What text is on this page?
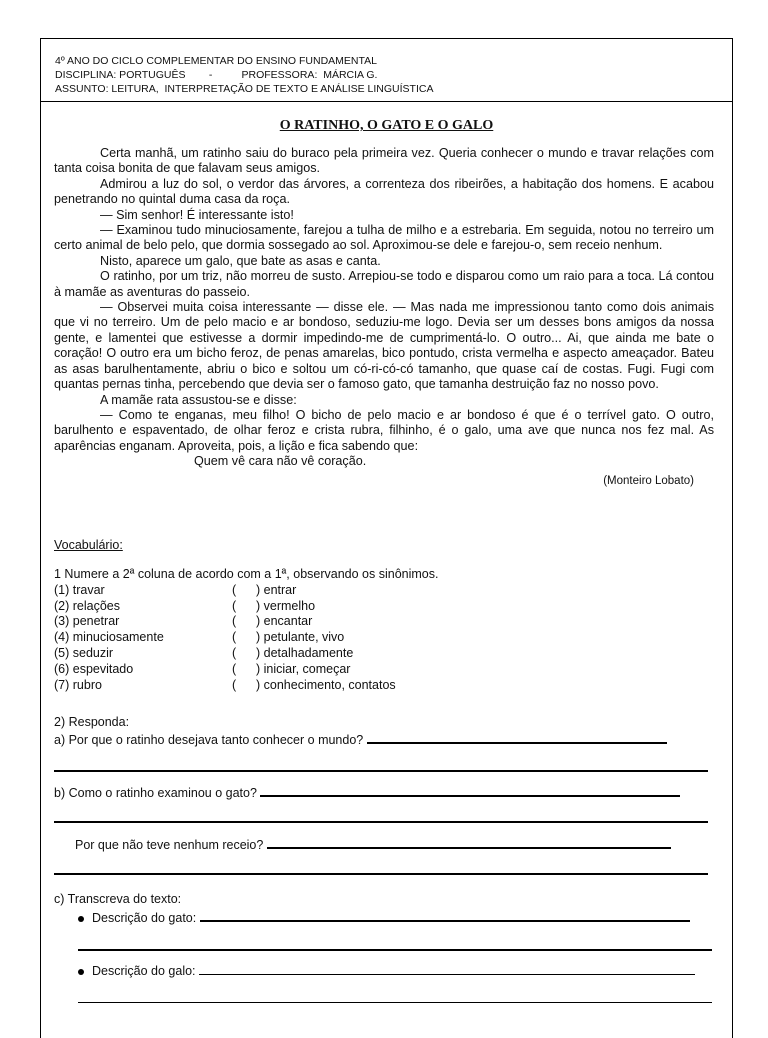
4º ANO DO CICLO COMPLEMENTAR DO ENSINO FUNDAMENTAL
DISCIPLINA: PORTUGUÊS        -          PROFESSORA:  MÁRCIA G.
ASSUNTO: LEITURA,  INTERPRETAÇÃO DE TEXTO E ANÁLISE LINGUÍSTICA
O RATINHO, O GATO E O GALO

Certa manhã, um ratinho saiu do buraco pela primeira vez. Queria conhecer o mundo e travar relações com tanta coisa bonita de que falavam seus amigos.

Admirou a luz do sol, o verdor das árvores, a correnteza dos ribeirões, a habitação dos homens. E acabou penetrando no quintal duma casa da roça.

— Sim senhor! É interessante isto!

— Examinou tudo minuciosamente, farejou a tulha de milho e a estrebaria. Em seguida, notou no terreiro um certo animal de belo pelo, que dormia sossegado ao sol. Aproximou-se dele e farejou-o, sem receio nenhum.

Nisto, aparece um galo, que bate as asas e canta.

O ratinho, por um triz, não morreu de susto. Arrepiou-se todo e disparou como um raio para a toca. Lá contou à mamãe as aventuras do passeio.

— Observei muita coisa interessante — disse ele. — Mas nada me impressionou tanto como dois animais que vi no terreiro. Um de pelo macio e ar bondoso, seduziu-me logo. Devia ser um desses bons amigos da nossa gente, e lamentei que estivesse a dormir impedindo-me de cumprimentá-lo. O outro... Ai, que ainda me bate o coração! O outro era um bicho feroz, de penas amarelas, bico pontudo, crista vermelha e aspecto ameaçador. Bateu as asas barulhentamente, abriu o bico e soltou um có-ri-có-có tamanho, que quase caí de costas. Fugi. Fugi com quantas pernas tinha, percebendo que devia ser o famoso gato, que tamanha destruição faz no nosso povo.

A mamãe rata assustou-se e disse:

— Como te enganas, meu filho! O bicho de pelo macio e ar bondoso é que é o terrível gato. O outro, barulhento e espaventado, de olhar feroz e crista rubra, filhinho, é o galo, uma ave que nunca nos fez mal. As aparências enganam. Aproveita, pois, a lição e fica sabendo que:

Quem vê cara não vê coração.

(Monteiro Lobato)
Vocabulário:
1 Numere a 2ª coluna de acordo com a 1ª, observando os sinônimos.
(1) travar	(	) entrar
(2) relações	(	) vermelho
(3) penetrar	(	) encantar
(4) minuciosamente	(	) petulante, vivo
(5) seduzir	(	) detalhadamente
(6) espevitado	(	) iniciar, começar
(7) rubro	(	) conhecimento, contatos
2) Responda:
a) Por que o ratinho desejava tanto conhecer o mundo?
b) Como o ratinho examinou o gato?
Por que não teve nenhum receio?
c) Transcreva do texto:
Descrição do gato:
Descrição do galo:
